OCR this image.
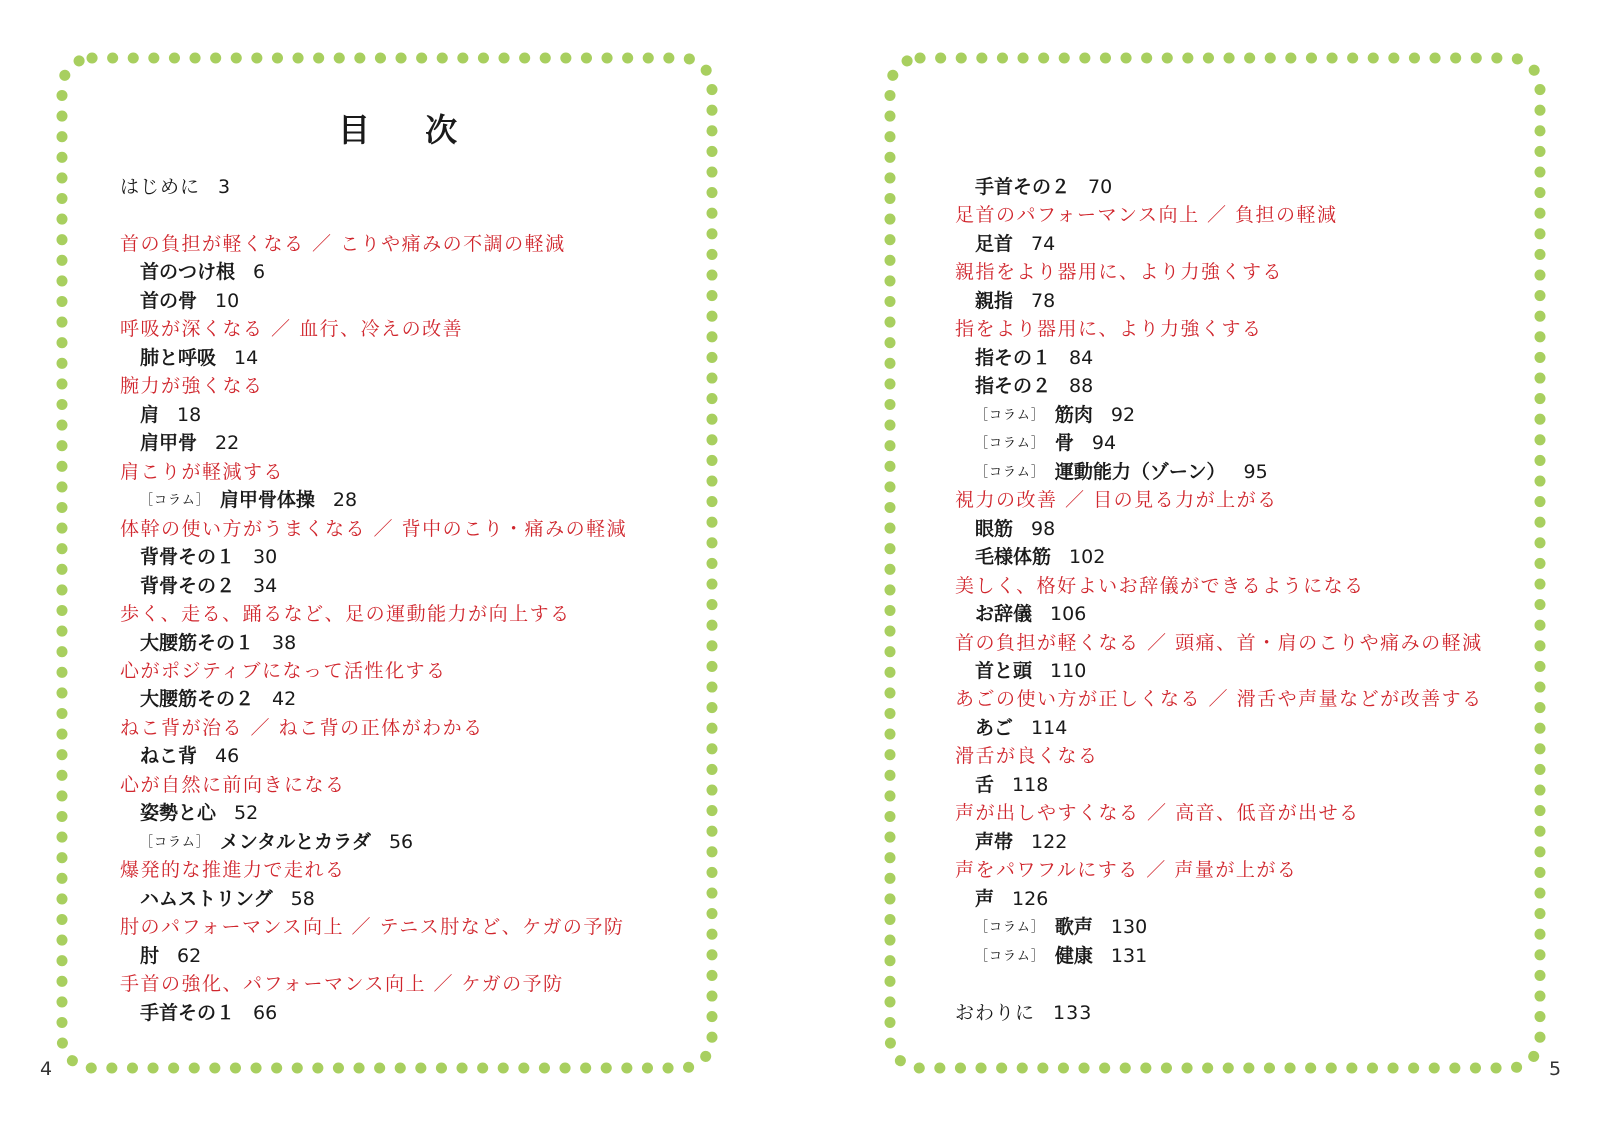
目 次
はじめに 3
首の負担が軽くなる ／ こりや痛みの不調の軽減
首のつけ根 6
首の骨 10
呼吸が深くなる ／ 血行、冷えの改善
肺と呼吸 14
腕力が強くなる
肩 18
肩甲骨 22
肩こりが軽減する
［コラム］ 肩甲骨体操 28
体幹の使い方がうまくなる ／ 背中のこり・痛みの軽減
背骨その１ 30
背骨その２ 34
歩く、走る、踊るなど、足の運動能力が向上する
大腰筋その１ 38
心がポジティブになって活性化する
大腰筋その２ 42
ねこ背が治る ／ ねこ背の正体がわかる
ねこ背 46
心が自然に前向きになる
姿勢と心 52
［コラム］ メンタルとカラダ 56
爆発的な推進力で走れる
ハムストリング 58
肘のパフォーマンス向上 ／ テニス肘など、ケガの予防
肘 62
手首の強化、パフォーマンス向上 ／ ケガの予防
手首その１ 66
手首その２ 70
足首のパフォーマンス向上 ／ 負担の軽減
足首 74
親指をより器用に、より力強くする
親指 78
指をより器用に、より力強くする
指その１ 84
指その２ 88
［コラム］ 筋肉 92
［コラム］ 骨 94
［コラム］ 運動能力（ゾーン） 95
視力の改善 ／ 目の見る力が上がる
眼筋 98
毛様体筋 102
美しく、格好よいお辞儀ができるようになる
お辞儀 106
首の負担が軽くなる ／ 頭痛、首・肩のこりや痛みの軽減
首と頭 110
あごの使い方が正しくなる ／ 滑舌や声量などが改善する
あご 114
滑舌が良くなる
舌 118
声が出しやすくなる ／ 高音、低音が出せる
声帯 122
声をパワフルにする ／ 声量が上がる
声 126
［コラム］ 歌声 130
［コラム］ 健康 131
おわりに 133
4	5
